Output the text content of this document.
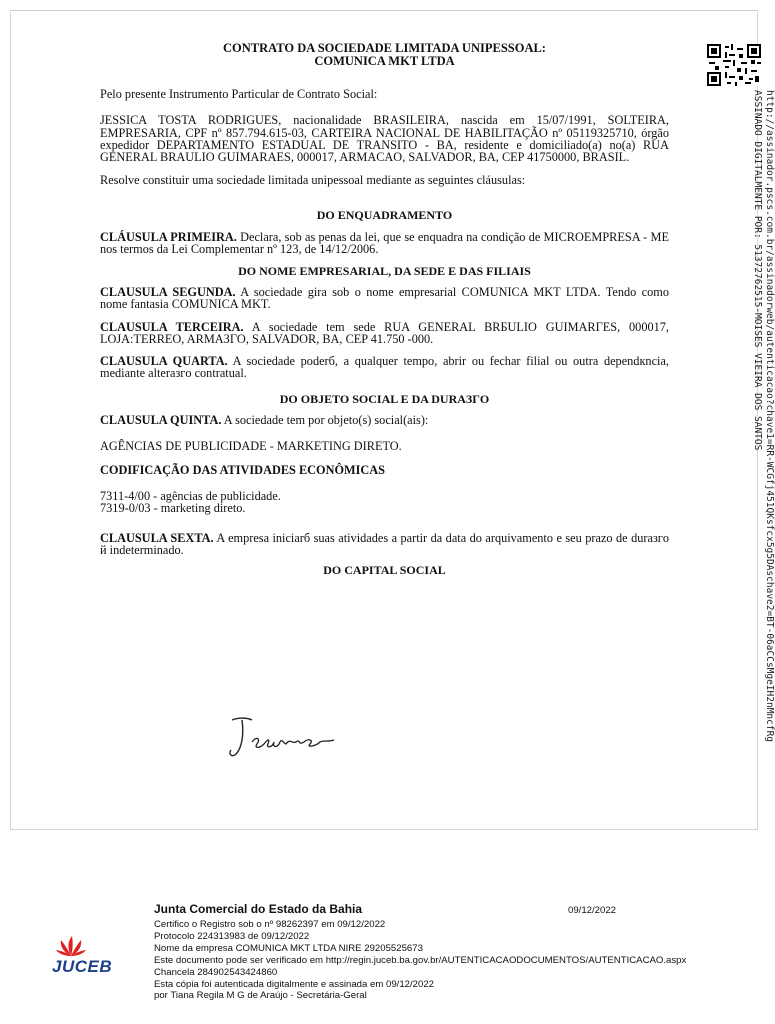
CONTRATO DA SOCIEDADE LIMITADA UNIPESSOAL:
COMUNICA MKT LTDA

Pelo presente Instrumento Particular de Contrato Social:

JESSICA TOSTA RODRIGUES, nacionalidade BRASILEIRA, nascida em 15/07/1991, SOLTEIRA, EMPRESARIA, CPF nº 857.794.615-03, CARTEIRA NACIONAL DE HABILITAÇÃO nº 05119325710, órgão expedidor DEPARTAMENTO ESTADUAL DE TRANSITO - BA, residente e domiciliado(a) no(a) RUA GENERAL BRAULIO GUIMARAES, 000017, ARMACAO, SALVADOR, BA, CEP 41750000, BRASIL.

Resolve constituir uma sociedade limitada unipessoal mediante as seguintes cláusulas:

DO ENQUADRAMENTO

CLÁUSULA PRIMEIRA. Declara, sob as penas da lei, que se enquadra na condição de MICROEMPRESA - ME nos termos da Lei Complementar nº 123, de 14/12/2006.

DO NOME EMPRESARIAL, DA SEDE E DAS FILIAIS

CLAUSULA SEGUNDA. A sociedade gira sob o nome empresarial COMUNICA MKT LTDA. Tendo como nome fantasia COMUNICA MKT.

CLAUSULA TERCEIRA. A sociedade tem sede RUA GENERAL BRБULIO GUIMARГES, 000017, LOJA:TERREO, ARMAЗГO, SALVADOR, BA, CEP 41.750 -000.

CLAUSULA QUARTA. A sociedade poderб, a qualquer tempo, abrir ou fechar filial ou outra dependкncia, mediante alteraзгo contratual.

DO OBJETO SOCIAL E DA DURAЗГO

CLAUSULA QUINTA. A sociedade tem por objeto(s) social(ais):

AGÊNCIAS DE PUBLICIDADE - MARKETING DIRETO.

CODIFICAÇÃO DAS ATIVIDADES ECONÔMICAS

7311-4/00 - agências de publicidade.

7319-0/03 - marketing direto.

CLAUSULA SEXTA. A empresa iniciarб suas atividades a partir da data do arquivamento e seu prazo de duraзгo й indeterminado.

DO CAPITAL SOCIAL	http://assinador.pscs.com.br/assinadorweb/autenticacao?chave1=RR-WCGfj451QKsfcx5g5DAschave2=BT-06aCCsMgeIH2nMncfRg
ASSINADO DIGITALMENTE POR: 51372762515-MOISES VIEIRA DOS SANTOS
JUCEB
09/12/2022
Junta Comercial do Estado da Bahia
Certifico o Registro sob o nº 98262397 em 09/12/2022
Protocolo 224313983 de 09/12/2022
Nome da empresa COMUNICA MKT LTDA NIRE 29205525673
Este documento pode ser verificado em http://regin.juceb.ba.gov.br/AUTENTICACAODOCUMENTOS/AUTENTICACAO.aspx
Chancela 284902543424860
Esta cópia foi autenticada digitalmente e assinada em 09/12/2022
por Tiana Regila M G de Araújo - Secretária-Geral
